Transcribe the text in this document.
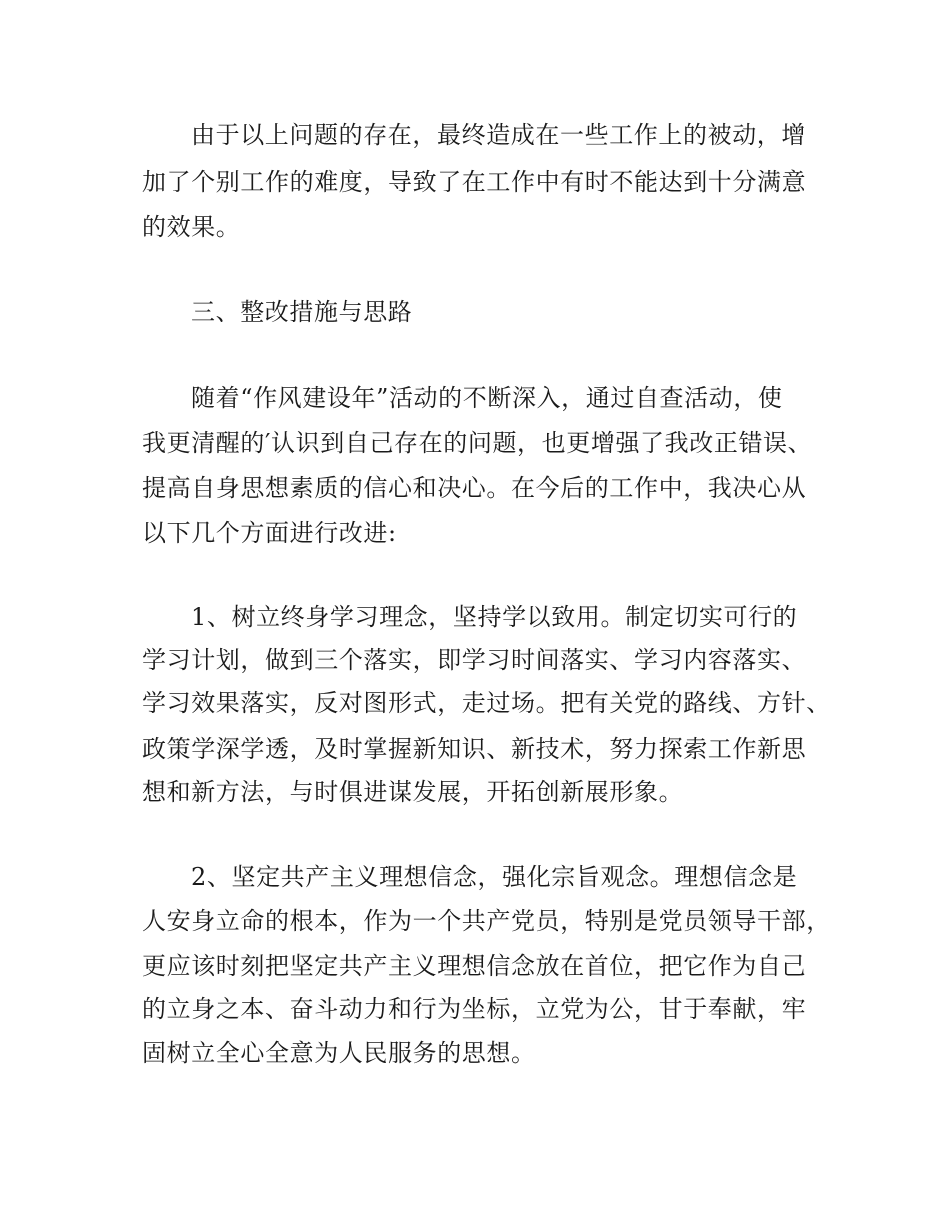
由于以上问题的存在，最终造成在一些工作上的被动，增
加了个别工作的难度，导致了在工作中有时不能达到十分满意
的效果。
三、整改措施与思路
随着“作风建设年”活动的不断深入，通过自查活动，使
我更清醒的′认识到自己存在的问题，也更增强了我改正错误、
提高自身思想素质的信心和决心。在今后的工作中，我决心从
以下几个方面进行改进:
1、树立终身学习理念，坚持学以致用。制定切实可行的
学习计划，做到三个落实，即学习时间落实、学习内容落实、
学习效果落实，反对图形式，走过场。把有关党的路线、方针、
政策学深学透，及时掌握新知识、新技术，努力探索工作新思
想和新方法，与时俱进谋发展，开拓创新展形象。
2、坚定共产主义理想信念，强化宗旨观念。理想信念是
人安身立命的根本，作为一个共产党员，特别是党员领导干部，
更应该时刻把坚定共产主义理想信念放在首位，把它作为自己
的立身之本、奋斗动力和行为坐标，立党为公，甘于奉献，牢
固树立全心全意为人民服务的思想。
